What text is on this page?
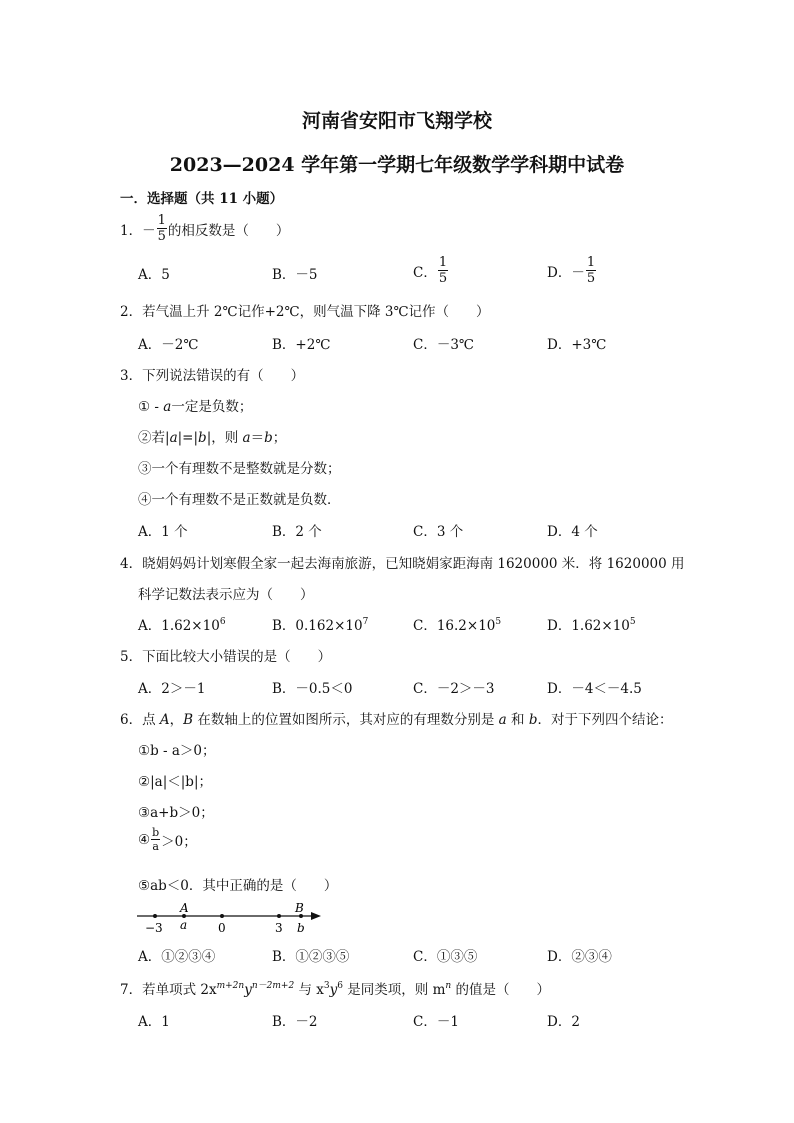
河南省安阳市飞翔学校
2023—2024 学年第一学期七年级数学学科期中试卷
一．选择题（共 11 小题）
1． － $\frac{1}{5}$ 的相反数是（　　）
A．5	B．－5	C． $\frac{1}{5}$	D．－ $\frac{1}{5}$
2．若气温上升 2℃记作+2℃，则气温下降 3℃记作（　　）
A．－2℃	B．+2℃	C．－3℃	D．+3℃
3．下列说法错误的有（　　）
① - a一定是负数；
②若|a|=|b|，则 a＝b；
③一个有理数不是整数就是分数；
④一个有理数不是正数就是负数．
A．1 个	B．2 个	C．3 个	D．4 个
4．晓娟妈妈计划寒假全家一起去海南旅游，已知晓娟家距海南 1620000 米．将 1620000 用
科学记数法表示应为（　　）
A．$1.62\times 10^6$	B．$0.162\times 10^7$	C．$16.2\times 10^5$	D．$1.62\times 10^5$
5．下面比较大小错误的是（　　）
A．2＞－1	B．－0.5＜0	C．－2＞－3	D．－4＜－4.5
6．点 A，B 在数轴上的位置如图所示，其对应的有理数分别是 a 和 b．对于下列四个结论：
①b - a＞0；
②|a|＜|b|；
③a+b＞0；
④ $\frac{b}{a} >0$；
⑤ab＜0．其中正确的是（　　）
A	B
−3 a	0	3 b
A．①②③④	B．①②③⑤	C．①③⑤	D．②③④
7．若单项式 $2x^{m+2n}y^{n-2m+2}$ 与 $x^3y^6$ 是同类项，则 $m^n$ 的值是（　　）
A．1	B．－2	C．－1	D．2
